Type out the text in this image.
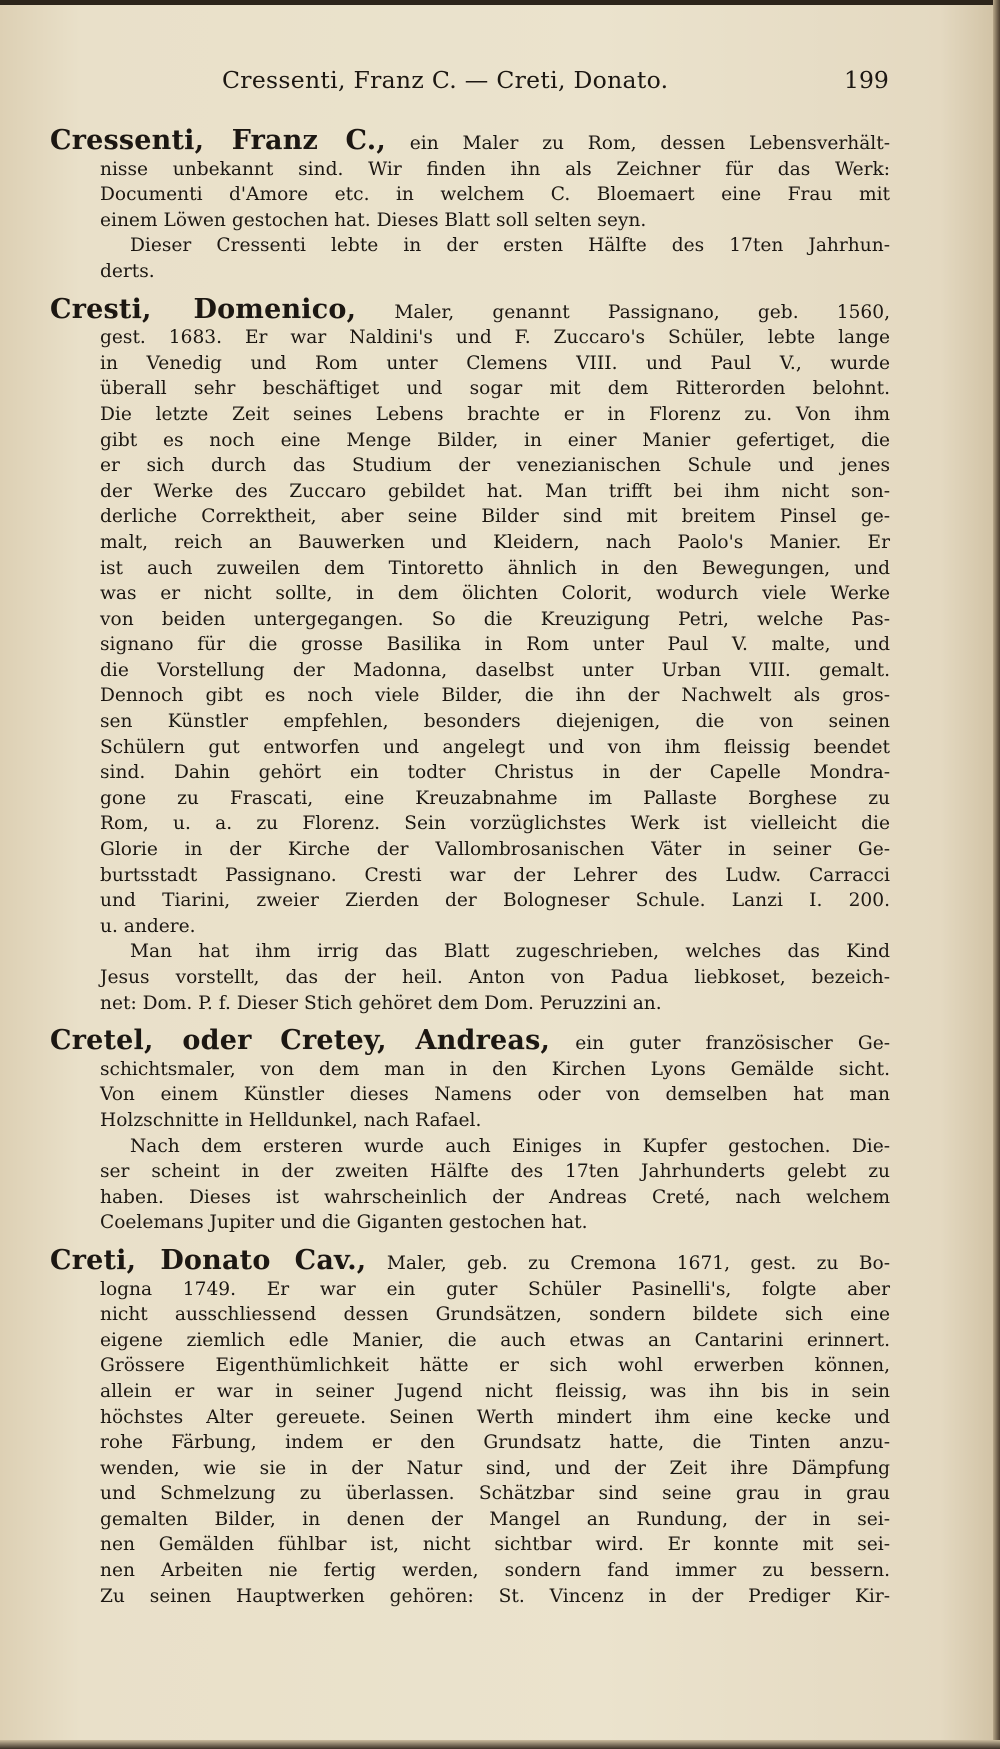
Cressenti, Franz C. — Creti, Donato.	199
Cressenti, Franz C., ein Maler zu Rom, dessen Lebensverhält-
nisse unbekannt sind. Wir finden ihn als Zeichner für das Werk:
Documenti d'Amore etc. in welchem C. Bloemaert eine Frau mit
einem Löwen gestochen hat. Dieses Blatt soll selten seyn.
Dieser Cressenti lebte in der ersten Hälfte des 17ten Jahrhun-
derts.
Cresti, Domenico, Maler, genannt Passignano, geb. 1560,
gest. 1683. Er war Naldini's und F. Zuccaro's Schüler, lebte lange
in Venedig und Rom unter Clemens VIII. und Paul V., wurde
überall sehr beschäftiget und sogar mit dem Ritterorden belohnt.
Die letzte Zeit seines Lebens brachte er in Florenz zu. Von ihm
gibt es noch eine Menge Bilder, in einer Manier gefertiget, die
er sich durch das Studium der venezianischen Schule und jenes
der Werke des Zuccaro gebildet hat. Man trifft bei ihm nicht son-
derliche Correktheit, aber seine Bilder sind mit breitem Pinsel ge-
malt, reich an Bauwerken und Kleidern, nach Paolo's Manier. Er
ist auch zuweilen dem Tintoretto ähnlich in den Bewegungen, und
was er nicht sollte, in dem ölichten Colorit, wodurch viele Werke
von beiden untergegangen. So die Kreuzigung Petri, welche Pas-
signano für die grosse Basilika in Rom unter Paul V. malte, und
die Vorstellung der Madonna, daselbst unter Urban VIII. gemalt.
Dennoch gibt es noch viele Bilder, die ihn der Nachwelt als gros-
sen Künstler empfehlen, besonders diejenigen, die von seinen
Schülern gut entworfen und angelegt und von ihm fleissig beendet
sind. Dahin gehört ein todter Christus in der Capelle Mondra-
gone zu Frascati, eine Kreuzabnahme im Pallaste Borghese zu
Rom, u. a. zu Florenz. Sein vorzüglichstes Werk ist vielleicht die
Glorie in der Kirche der Vallombrosanischen Väter in seiner Ge-
burtsstadt Passignano. Cresti war der Lehrer des Ludw. Carracci
und Tiarini, zweier Zierden der Bologneser Schule. Lanzi I. 200.
u. andere.
Man hat ihm irrig das Blatt zugeschrieben, welches das Kind
Jesus vorstellt, das der heil. Anton von Padua liebkoset, bezeich-
net: Dom. P. f. Dieser Stich gehöret dem Dom. Peruzzini an.
Cretel, oder Cretey, Andreas, ein guter französischer Ge-
schichtsmaler, von dem man in den Kirchen Lyons Gemälde sicht.
Von einem Künstler dieses Namens oder von demselben hat man
Holzschnitte in Helldunkel, nach Rafael.
Nach dem ersteren wurde auch Einiges in Kupfer gestochen. Die-
ser scheint in der zweiten Hälfte des 17ten Jahrhunderts gelebt zu
haben. Dieses ist wahrscheinlich der Andreas Creté, nach welchem
Coelemans Jupiter und die Giganten gestochen hat.
Creti, Donato Cav., Maler, geb. zu Cremona 1671, gest. zu Bo-
logna 1749. Er war ein guter Schüler Pasinelli's, folgte aber
nicht ausschliessend dessen Grundsätzen, sondern bildete sich eine
eigene ziemlich edle Manier, die auch etwas an Cantarini erinnert.
Grössere Eigenthümlichkeit hätte er sich wohl erwerben können,
allein er war in seiner Jugend nicht fleissig, was ihn bis in sein
höchstes Alter gereuete. Seinen Werth mindert ihm eine kecke und
rohe Färbung, indem er den Grundsatz hatte, die Tinten anzu-
wenden, wie sie in der Natur sind, und der Zeit ihre Dämpfung
und Schmelzung zu überlassen. Schätzbar sind seine grau in grau
gemalten Bilder, in denen der Mangel an Rundung, der in sei-
nen Gemälden fühlbar ist, nicht sichtbar wird. Er konnte mit sei-
nen Arbeiten nie fertig werden, sondern fand immer zu bessern.
Zu seinen Hauptwerken gehören: St. Vincenz in der Prediger Kir-
